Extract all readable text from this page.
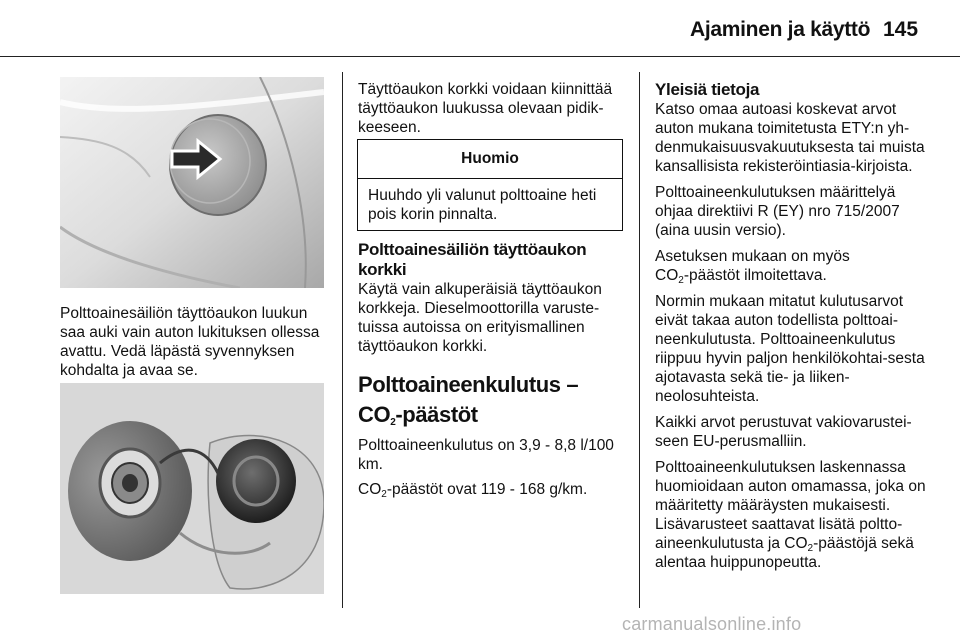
Ajaminen ja käyttö 145
Polttoainesäiliön täyttöaukon luukun saa auki vain auton lukituksen ollessa avattu. Vedä läpästä syvennyksen kohdalta ja avaa se.

Täyttöaukon korkki voidaan kiinnittää täyttöaukon luukussa olevaan pidik-keeseen.

Huomio
Huuhdo yli valunut polttoaine heti pois korin pinnalta.

Polttoainesäiliön täyttöaukon korkki

Käytä vain alkuperäisiä täyttöaukon korkkeja. Dieselmoottorilla varuste-tuissa autoissa on erityismallinen täyttöaukon korkki.

Polttoaineenkulutus –
$CO_2$-päästöt

Polttoaineenkulutus on 3,9 - 8,8 l/100 km.

$CO_2$-päästöt ovat 119 - 168 g/km.

Yleisiä tietoja

Katso omaa autoasi koskevat arvot auton mukana toimitetusta ETY:n yh-denmukaisuusvakuutuksesta tai muista kansallisista rekisteröintiasia-kirjoista.

Polttoaineenkulutuksen määrittelyä ohjaa direktiivi R (EY) nro 715/2007 (aina uusin versio).

Asetuksen mukaan on myös
$CO_2$-päästöt ilmoitettava.

Normin mukaan mitatut kulutusarvot eivät takaa auton todellista polttoai-neenkulutusta. Polttoaineenkulutus riippuu hyvin paljon henkilökohtai-sesta ajotavasta sekä tie- ja liiken-neolosuhteista.

Kaikki arvot perustuvat vakiovarustei-seen EU-perusmalliin.

Polttoaineenkulutuksen laskennassa huomioidaan auton omamassa, joka on määritetty määräysten mukaisesti. Lisävarusteet saattavat lisätä poltto-aineenkulutusta ja $CO_2$-päästöjä sekä alentaa huippunopeutta.

carmanualsonline.info
